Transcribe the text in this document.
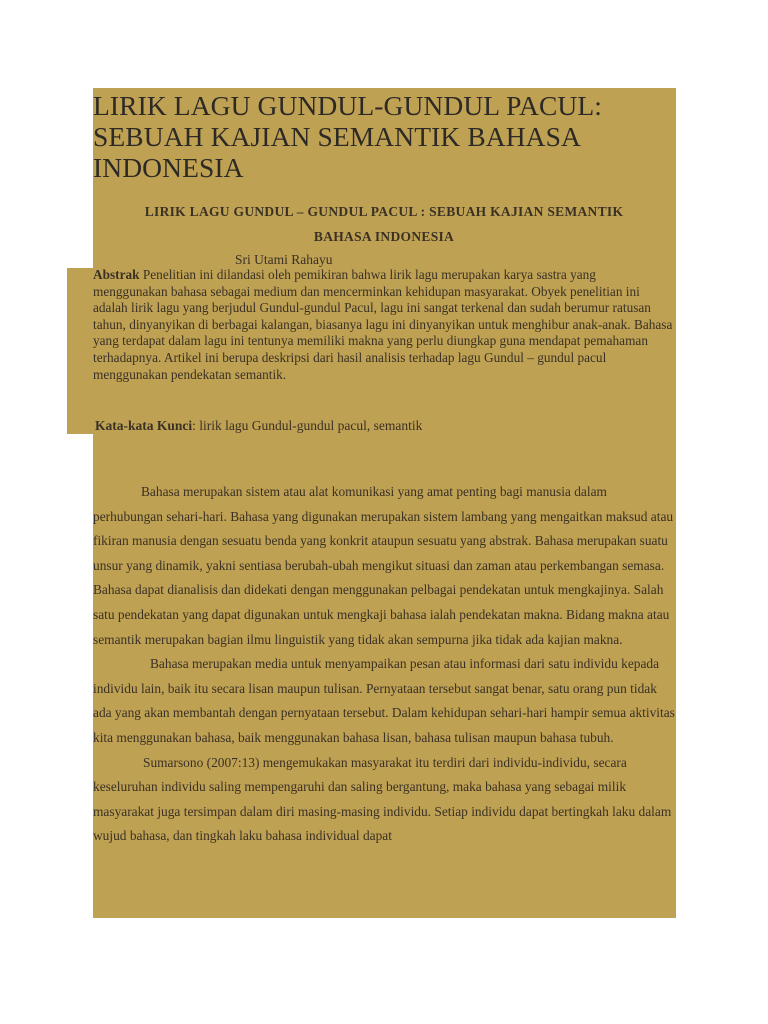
LIRIK LAGU GUNDUL-GUNDUL PACUL: SEBUAH KAJIAN SEMANTIK BAHASA INDONESIA
LIRIK LAGU GUNDUL – GUNDUL PACUL : SEBUAH KAJIAN SEMANTIK
BAHASA INDONESIA
Sri Utami Rahayu
Abstrak Penelitian ini dilandasi oleh pemikiran bahwa lirik lagu merupakan karya sastra yang menggunakan bahasa sebagai medium dan mencerminkan kehidupan masyarakat. Obyek penelitian ini adalah lirik lagu yang berjudul Gundul-gundul Pacul, lagu ini sangat terkenal dan sudah berumur ratusan tahun, dinyanyikan di berbagai kalangan, biasanya lagu ini dinyanyikan untuk menghibur anak-anak. Bahasa yang terdapat dalam lagu ini tentunya memiliki makna yang perlu diungkap guna mendapat pemahaman terhadapnya. Artikel ini berupa deskripsi dari hasil analisis terhadap lagu Gundul – gundul pacul menggunakan pendekatan semantik.
Kata-kata Kunci: lirik lagu Gundul-gundul pacul, semantik

Bahasa merupakan sistem atau alat komunikasi yang amat penting bagi manusia dalam perhubungan sehari-hari. Bahasa yang digunakan merupakan sistem lambang yang mengaitkan maksud atau fikiran manusia dengan sesuatu benda yang konkrit ataupun sesuatu yang abstrak. Bahasa merupakan suatu unsur yang dinamik, yakni sentiasa berubah-ubah mengikut situasi dan zaman atau perkembangan semasa. Bahasa dapat dianalisis dan didekati dengan menggunakan pelbagai pendekatan untuk mengkajinya. Salah satu pendekatan yang dapat digunakan untuk mengkaji bahasa ialah pendekatan makna. Bidang makna atau semantik merupakan bagian ilmu linguistik yang tidak akan sempurna jika tidak ada kajian makna.

Bahasa merupakan media untuk menyampaikan pesan atau informasi dari satu individu kepada individu lain, baik itu secara lisan maupun tulisan. Pernyataan tersebut sangat benar, satu orang pun tidak ada yang akan membantah dengan pernyataan tersebut. Dalam kehidupan sehari-hari hampir semua aktivitas kita menggunakan bahasa, baik menggunakan bahasa lisan, bahasa tulisan maupun bahasa tubuh.

Sumarsono (2007:13) mengemukakan masyarakat itu terdiri dari individu-individu, secara keseluruhan individu saling mempengaruhi dan saling bergantung, maka bahasa yang sebagai milik masyarakat juga tersimpan dalam diri masing-masing individu. Setiap individu dapat bertingkah laku dalam wujud bahasa, dan tingkah laku bahasa individual dapat
